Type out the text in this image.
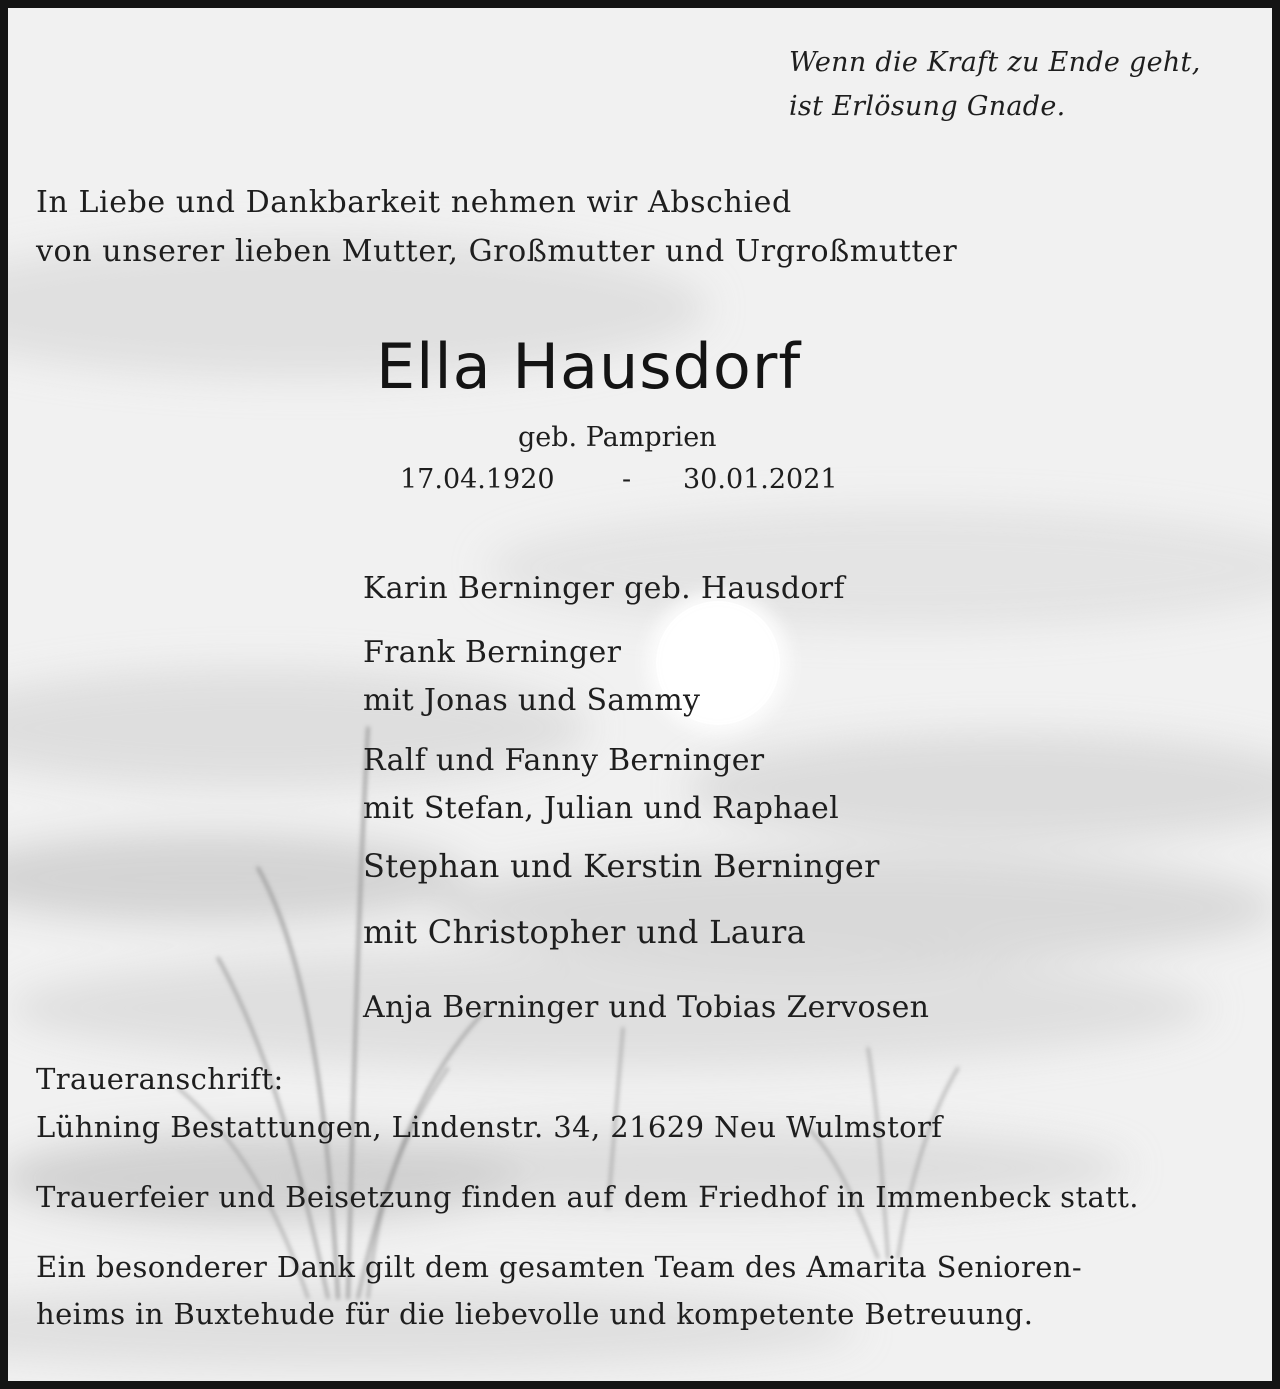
Wenn die Kraft zu Ende geht,

ist Erlösung Gnade.

In Liebe und Dankbarkeit nehmen wir Abschied

von unserer lieben Mutter, Großmutter und Urgroßmutter

Ella Hausdorf

geb. Pamprien

17.04.1920 - 30.01.2021

Karin Berninger geb. Hausdorf

Frank Berninger

mit Jonas und Sammy

Ralf und Fanny Berninger

mit Stefan, Julian und Raphael

Stephan und Kerstin Berninger

mit Christopher und Laura

Anja Berninger und Tobias Zervosen

Traueranschrift:

Lühning Bestattungen, Lindenstr. 34, 21629 Neu Wulmstorf

Trauerfeier und Beisetzung finden auf dem Friedhof in Immenbeck statt.

Ein besonderer Dank gilt dem gesamten Team des Amarita Senioren-

heims in Buxtehude für die liebevolle und kompetente Betreuung.
